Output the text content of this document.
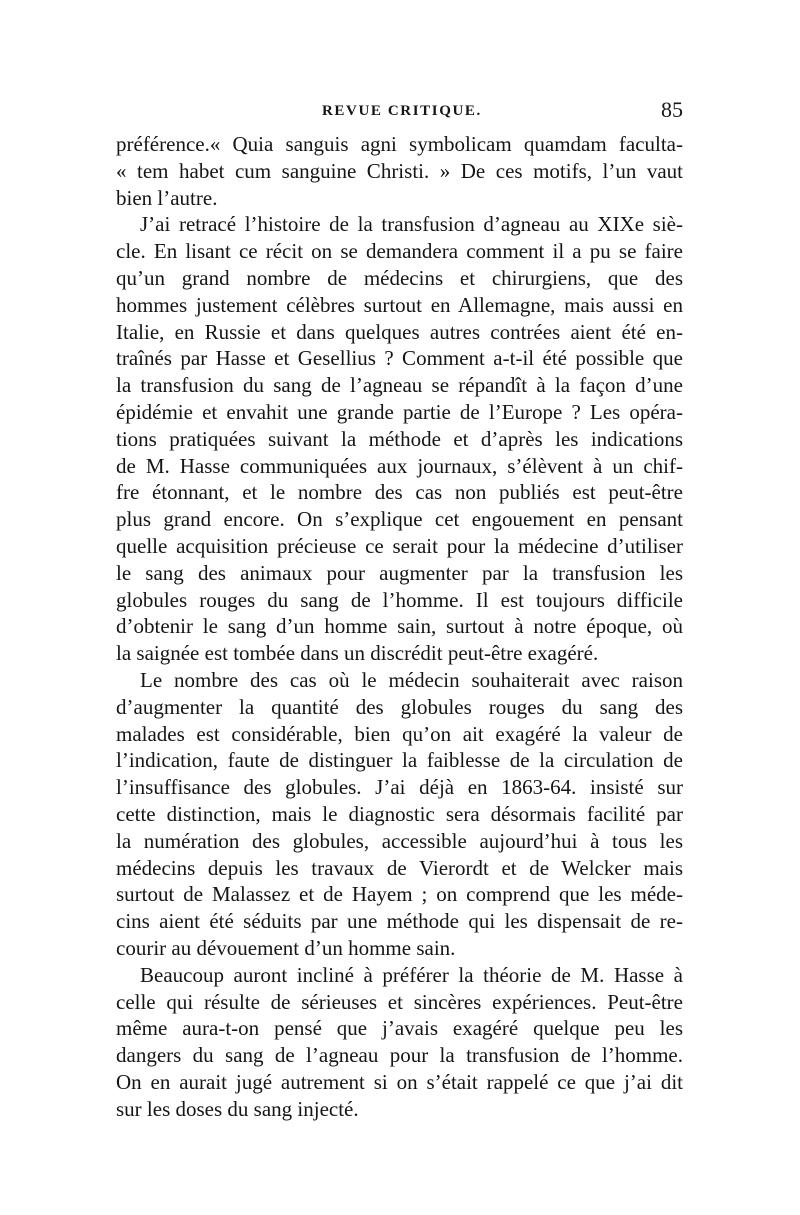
REVUE CRITIQUE.	85
préférence.« Quia sanguis agni symbolicam quamdam faculta-
« tem habet cum sanguine Christi. » De ces motifs, l’un vaut
bien l’autre.
J’ai retracé l’histoire de la transfusion d’agneau au XIXe siè-
cle. En lisant ce récit on se demandera comment il a pu se faire
qu’un grand nombre de médecins et chirurgiens, que des
hommes justement célèbres surtout en Allemagne, mais aussi en
Italie, en Russie et dans quelques autres contrées aient été en-
traînés par Hasse et Gesellius ? Comment a-t-il été possible que
la transfusion du sang de l’agneau se répandît à la façon d’une
épidémie et envahit une grande partie de l’Europe ? Les opéra-
tions pratiquées suivant la méthode et d’après les indications
de M. Hasse communiquées aux journaux, s’élèvent à un chif-
fre étonnant, et le nombre des cas non publiés est peut-être
plus grand encore. On s’explique cet engouement en pensant
quelle acquisition précieuse ce serait pour la médecine d’utiliser
le sang des animaux pour augmenter par la transfusion les
globules rouges du sang de l’homme. Il est toujours difficile
d’obtenir le sang d’un homme sain, surtout à notre époque, où
la saignée est tombée dans un discrédit peut-être exagéré.
Le nombre des cas où le médecin souhaiterait avec raison
d’augmenter la quantité des globules rouges du sang des
malades est considérable, bien qu’on ait exagéré la valeur de
l’indication, faute de distinguer la faiblesse de la circulation de
l’insuffisance des globules. J’ai déjà en 1863-64. insisté sur
cette distinction, mais le diagnostic sera désormais facilité par
la numération des globules, accessible aujourd’hui à tous les
médecins depuis les travaux de Vierordt et de Welcker mais
surtout de Malassez et de Hayem ; on comprend que les méde-
cins aient été séduits par une méthode qui les dispensait de re-
courir au dévouement d’un homme sain.
Beaucoup auront incliné à préférer la théorie de M. Hasse à
celle qui résulte de sérieuses et sincères expériences. Peut-être
même aura-t-on pensé que j’avais exagéré quelque peu les
dangers du sang de l’agneau pour la transfusion de l’homme.
On en aurait jugé autrement si on s’était rappelé ce que j’ai dit
sur les doses du sang injecté.
